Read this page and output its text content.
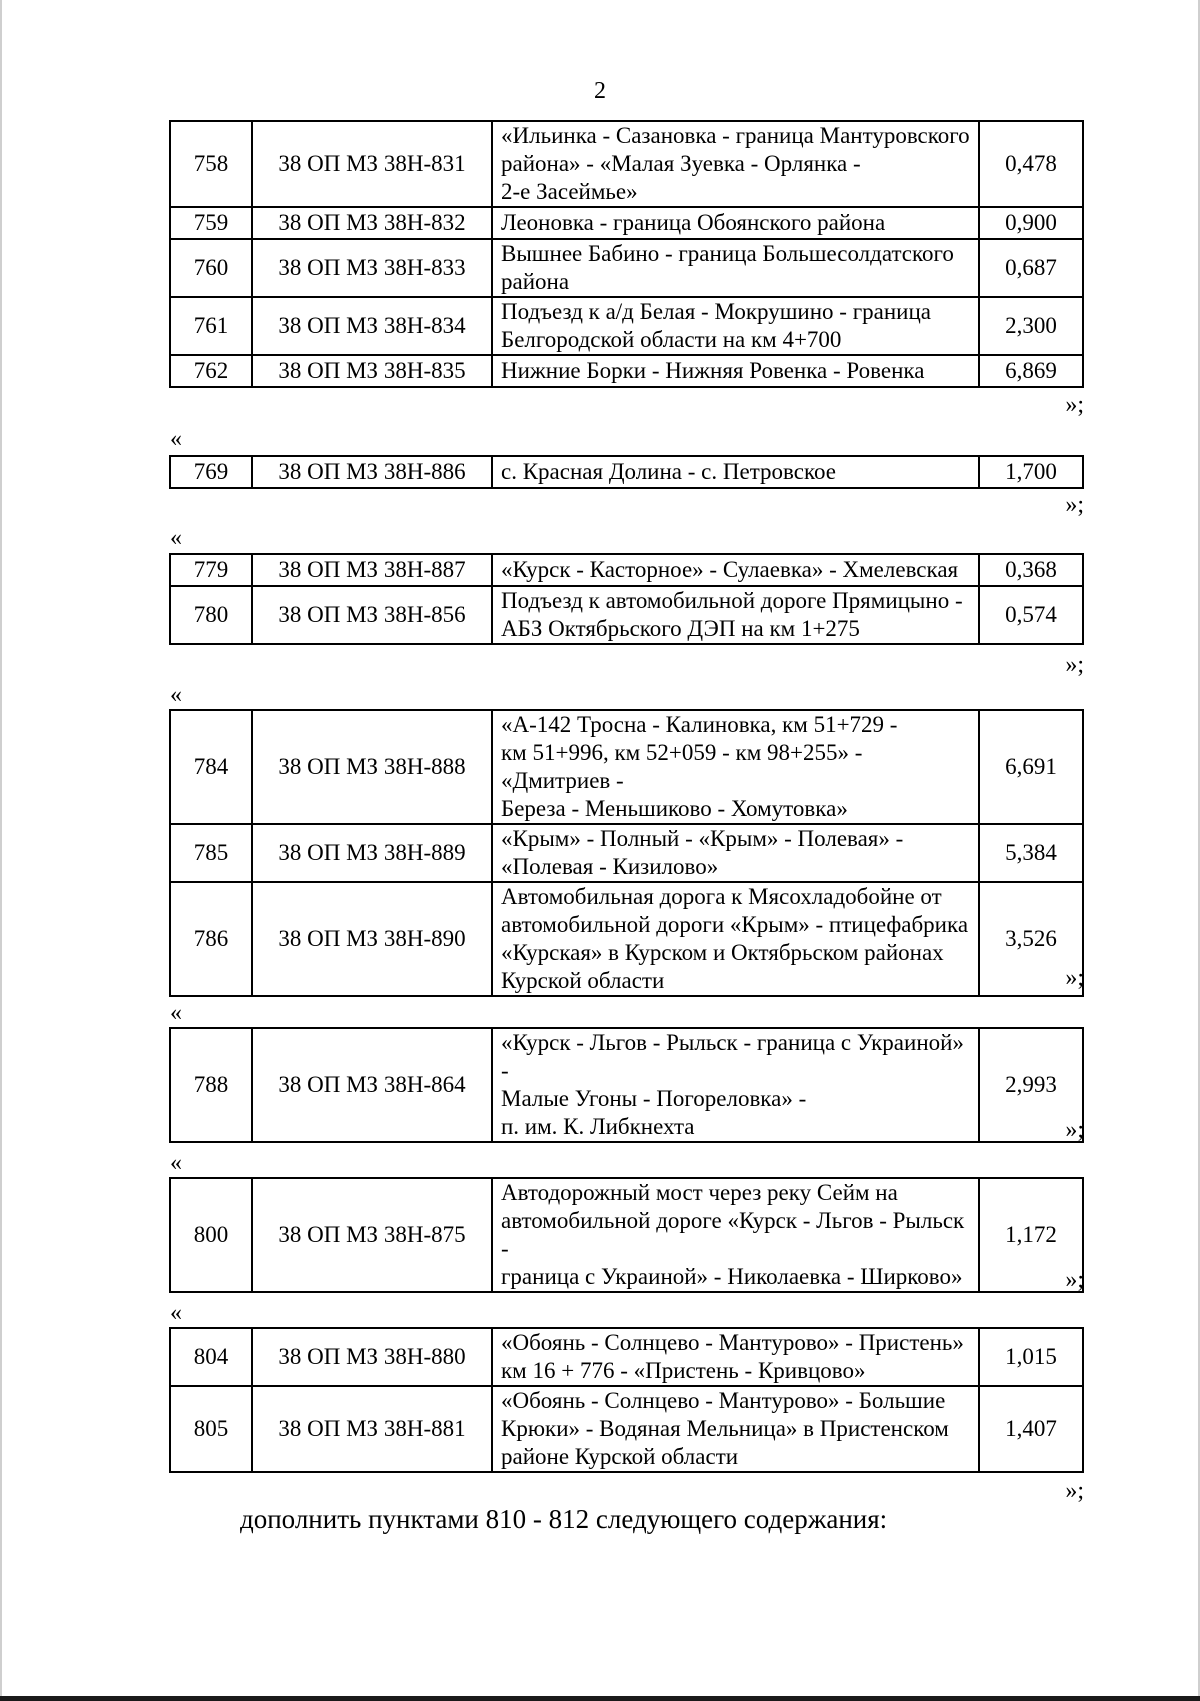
2
758	38 ОП МЗ 38Н-831	«Ильинка - Сазановка - граница Мантуровского
района» - «Малая Зуевка - Орлянка -
2-е Засеймье»	0,478
759	38 ОП МЗ 38Н-832	Леоновка - граница Обоянского района	0,900
760	38 ОП МЗ 38Н-833	Вышнее Бабино - граница Большесолдатского
района	0,687
761	38 ОП МЗ 38Н-834	Подъезд к а/д Белая - Мокрушино - граница
Белгородской области на км 4+700	2,300
762	38 ОП МЗ 38Н-835	Нижние Борки - Нижняя Ровенка - Ровенка	6,869
»;
«
769	38 ОП МЗ 38Н-886	с. Красная Долина - с. Петровское	1,700
»;
«
779	38 ОП МЗ 38Н-887	«Курск - Касторное» - Сулаевка» - Хмелевская	0,368
780	38 ОП МЗ 38Н-856	Подъезд к автомобильной дороге Прямицыно -
АБЗ Октябрьского ДЭП на км 1+275	0,574
»;
«
784	38 ОП МЗ 38Н-888	«А-142 Тросна - Калиновка, км 51+729 -
км 51+996, км 52+059 - км 98+255» - «Дмитриев -
Береза - Меньшиково - Хомутовка»	6,691
785	38 ОП МЗ 38Н-889	«Крым» - Полный - «Крым» - Полевая» -
«Полевая - Кизилово»	5,384
786	38 ОП МЗ 38Н-890	Автомобильная дорога к Мясохладобойне от
автомобильной дороги «Крым» - птицефабрика
«Курская» в Курском и Октябрьском районах
Курской области	3,526
»;
«
788	38 ОП МЗ 38Н-864	
«Курск - Льгов - Рыльск - граница с Украиной» -
Малые Угоны - Погореловка» -
п. им. К. Либкнехта
	2,993
»;
«
800	38 ОП МЗ 38Н-875	
Автодорожный мост через реку Сейм на
автомобильной дороге «Курск - Льгов - Рыльск -
граница с Украиной» - Николаевка - Ширково»
	1,172
»;
«
804	38 ОП МЗ 38Н-880	«Обоянь - Солнцево - Мантурово» - Пристень»
км 16 + 776 - «Пристень - Кривцово»	1,015
805	38 ОП МЗ 38Н-881	«Обоянь - Солнцево - Мантурово» - Большие
Крюки» - Водяная Мельница» в Пристенском
районе Курской области	1,407
»;
дополнить пунктами 810 - 812 следующего содержания:
